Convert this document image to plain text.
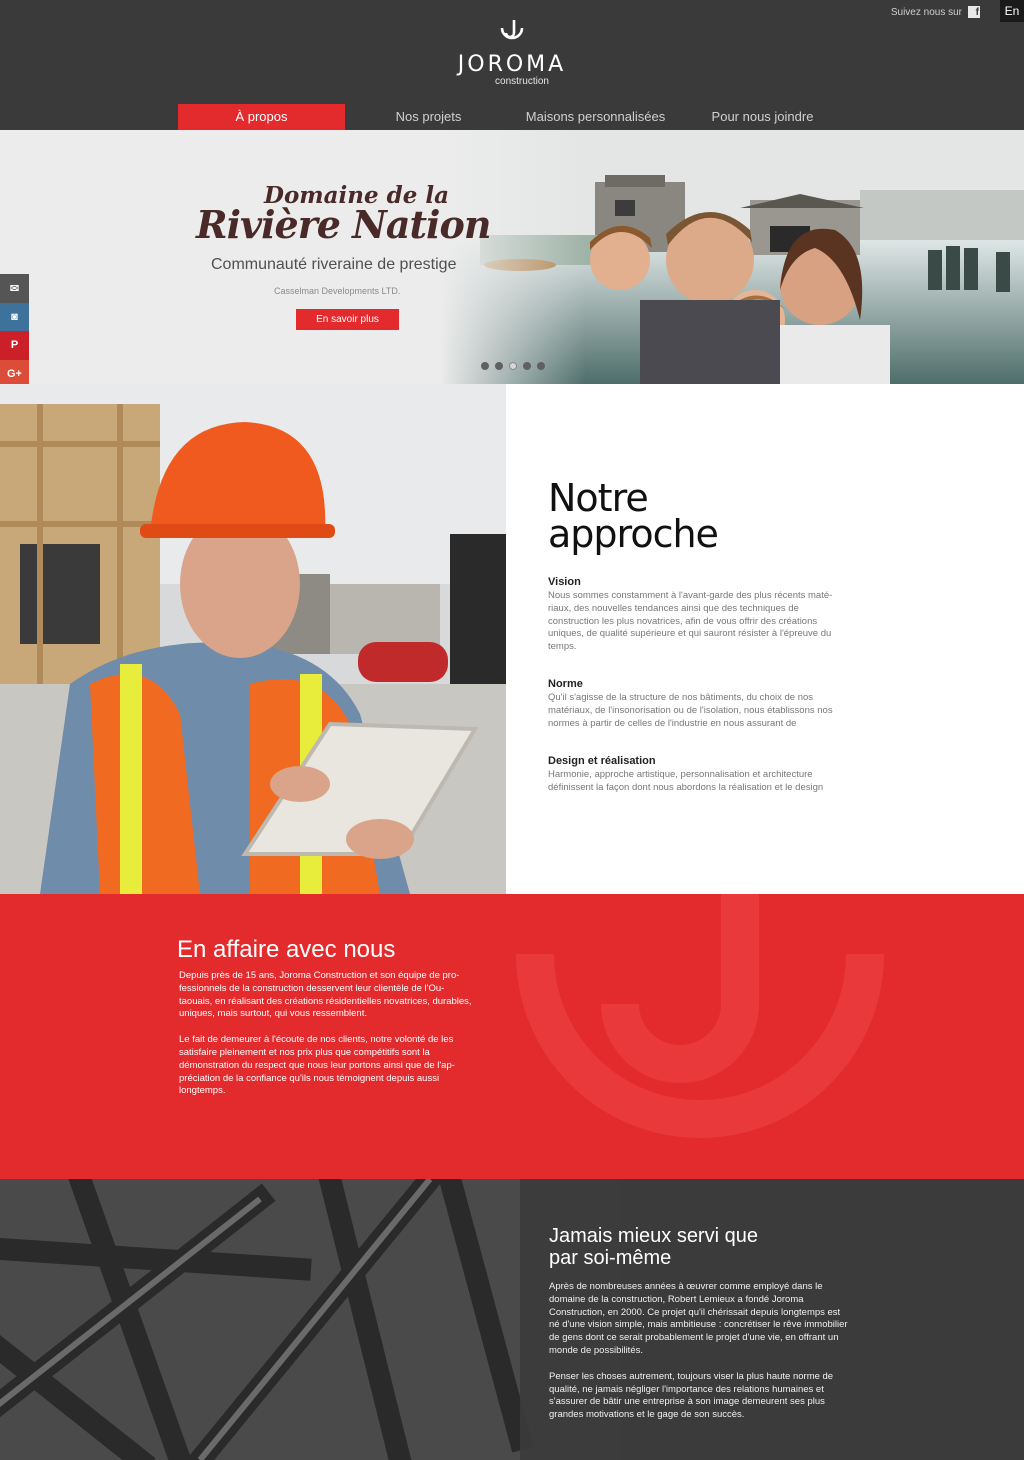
Suivez nous sur	f	En
JOROMA
construction
À propos	Nos projets	Maisons personnalisées	Pour nous joindre
Domaine de la
Rivière Nation
Communauté riveraine de prestige
Casselman Developments LTD.
En savoir plus
✉
◙
P
G+
Notre
approche
Vision

Nous sommes constamment à l'avant-garde des plus récents maté-riaux, des nouvelles tendances ainsi que des techniques de construction les plus novatrices, afin de vous offrir des créations uniques, de qualité supérieure et qui sauront résister à l'épreuve du temps.

Norme

Qu'il s'agisse de la structure de nos bâtiments, du choix de nos matériaux, de l'insonorisation ou de l'isolation, nous établissons nos normes à partir de celles de l'industrie en nous assurant de

Design et réalisation

Harmonie, approche artistique, personnalisation et architecture définissent la façon dont nous abordons la réalisation et le design

En affaire avec nous

Depuis près de 15 ans, Joroma Construction et son équipe de pro-fessionnels de la construction desservent leur clientèle de l'Ou-taouais, en réalisant des créations résidentielles novatrices, durables, uniques, mais surtout, qui vous ressemblent.

Le fait de demeurer à l'écoute de nos clients, notre volonté de les satisfaire pleinement et nos prix plus que compétitifs sont la démonstration du respect que nous leur portons ainsi que de l'ap-préciation de la confiance qu'ils nous témoignent depuis aussi longtemps.

Jamais mieux servi que
par soi-même

Après de nombreuses années à œuvrer comme employé dans le domaine de la construction, Robert Lemieux a fondé Joroma Construction, en 2000. Ce projet qu'il chérissait depuis longtemps est né d'une vision simple, mais ambitieuse : concrétiser le rêve immobilier de gens dont ce serait probablement le projet d'une vie, en offrant un monde de possibilités.

Penser les choses autrement, toujours viser la plus haute norme de qualité, ne jamais négliger l'importance des relations humaines et s'assurer de bâtir une entreprise à son image demeurent ses plus grandes motivations et le gage de son succès.
